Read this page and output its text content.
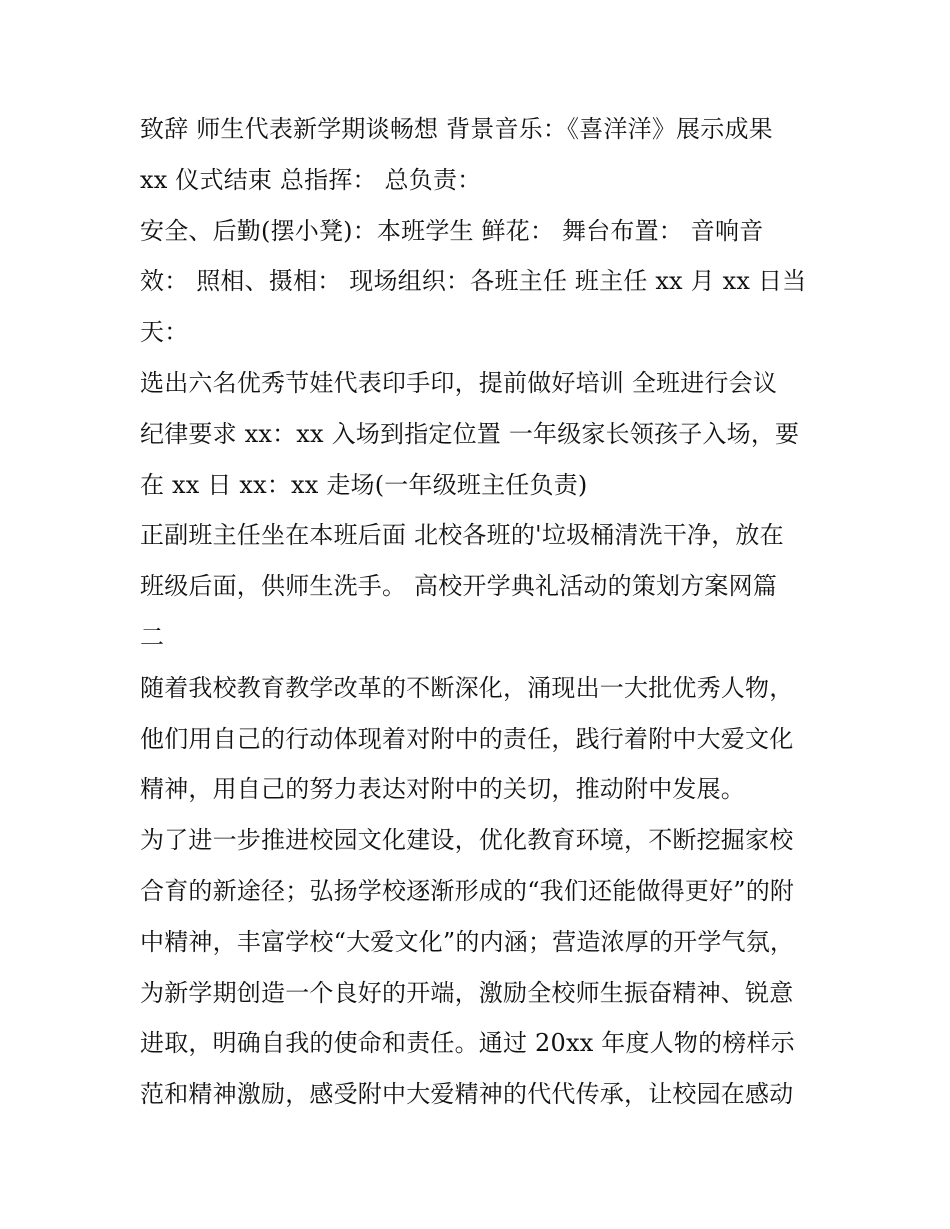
致辞 师生代表新学期谈畅想 背景音乐：《喜洋洋》展示成果

xx 仪式结束 总指挥： 总负责：

安全、后勤(摆小凳)：本班学生 鲜花： 舞台布置： 音响音

效： 照相、摄相： 现场组织：各班主任 班主任 xx 月 xx 日当

天：

选出六名优秀节娃代表印手印，提前做好培训 全班进行会议

纪律要求 xx：xx 入场到指定位置 一年级家长领孩子入场，要

在 xx 日 xx：xx 走场(一年级班主任负责)

正副班主任坐在本班后面 北校各班的'垃圾桶清洗干净，放在

班级后面，供师生洗手。 高校开学典礼活动的策划方案网篇

二

随着我校教育教学改革的不断深化，涌现出一大批优秀人物，

他们用自己的行动体现着对附中的责任，践行着附中大爱文化

精神，用自己的努力表达对附中的关切，推动附中发展。

为了进一步推进校园文化建设，优化教育环境，不断挖掘家校

合育的新途径；弘扬学校逐渐形成的“我们还能做得更好”的附

中精神，丰富学校“大爱文化”的内涵；营造浓厚的开学气氛，

为新学期创造一个良好的开端，激励全校师生振奋精神、锐意

进取，明确自我的使命和责任。通过 20xx 年度人物的榜样示

范和精神激励，感受附中大爱精神的代代传承，让校园在感动
